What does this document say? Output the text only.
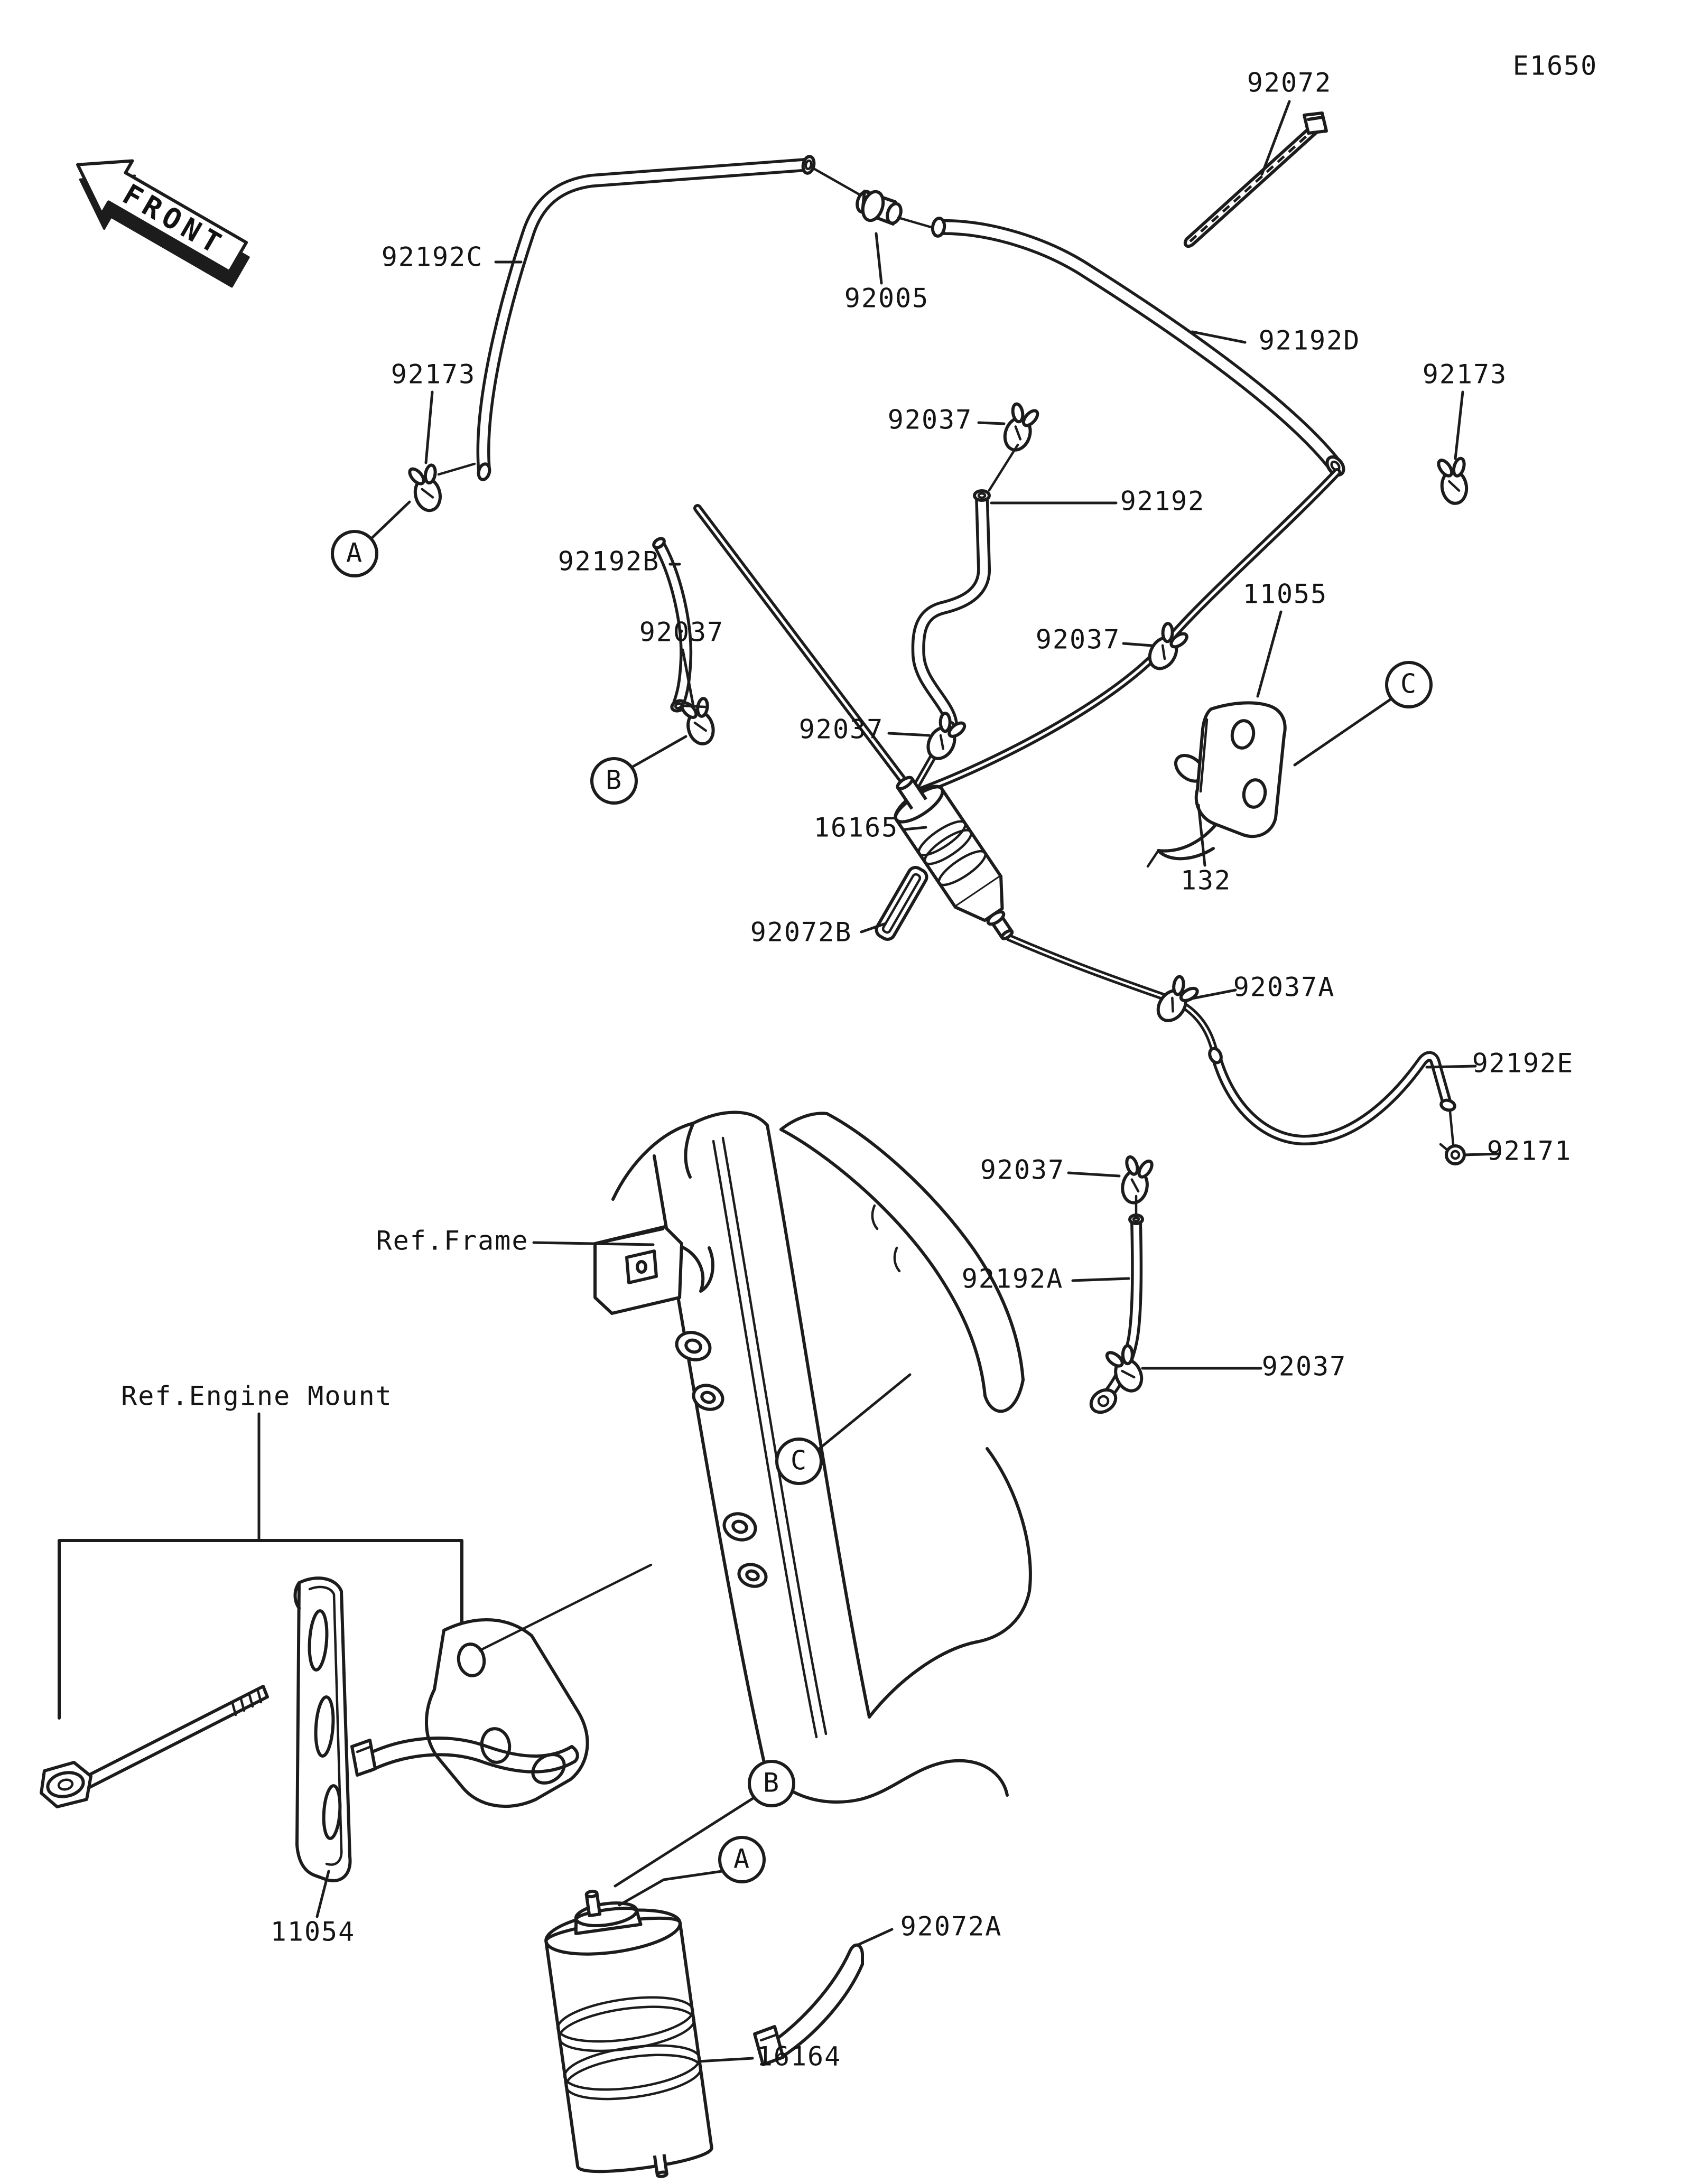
FRONT
E1650
92072
92192C
92005
92192D
92173	92173
92037
92192
92192B
11055
92037	92037
92037
16165
132
92072B
92037A
92192E
92171
92037
92192A
92037
Ref.Frame
Ref.Engine Mount
11054	92072A
16164
A
B
C
C
B
A
